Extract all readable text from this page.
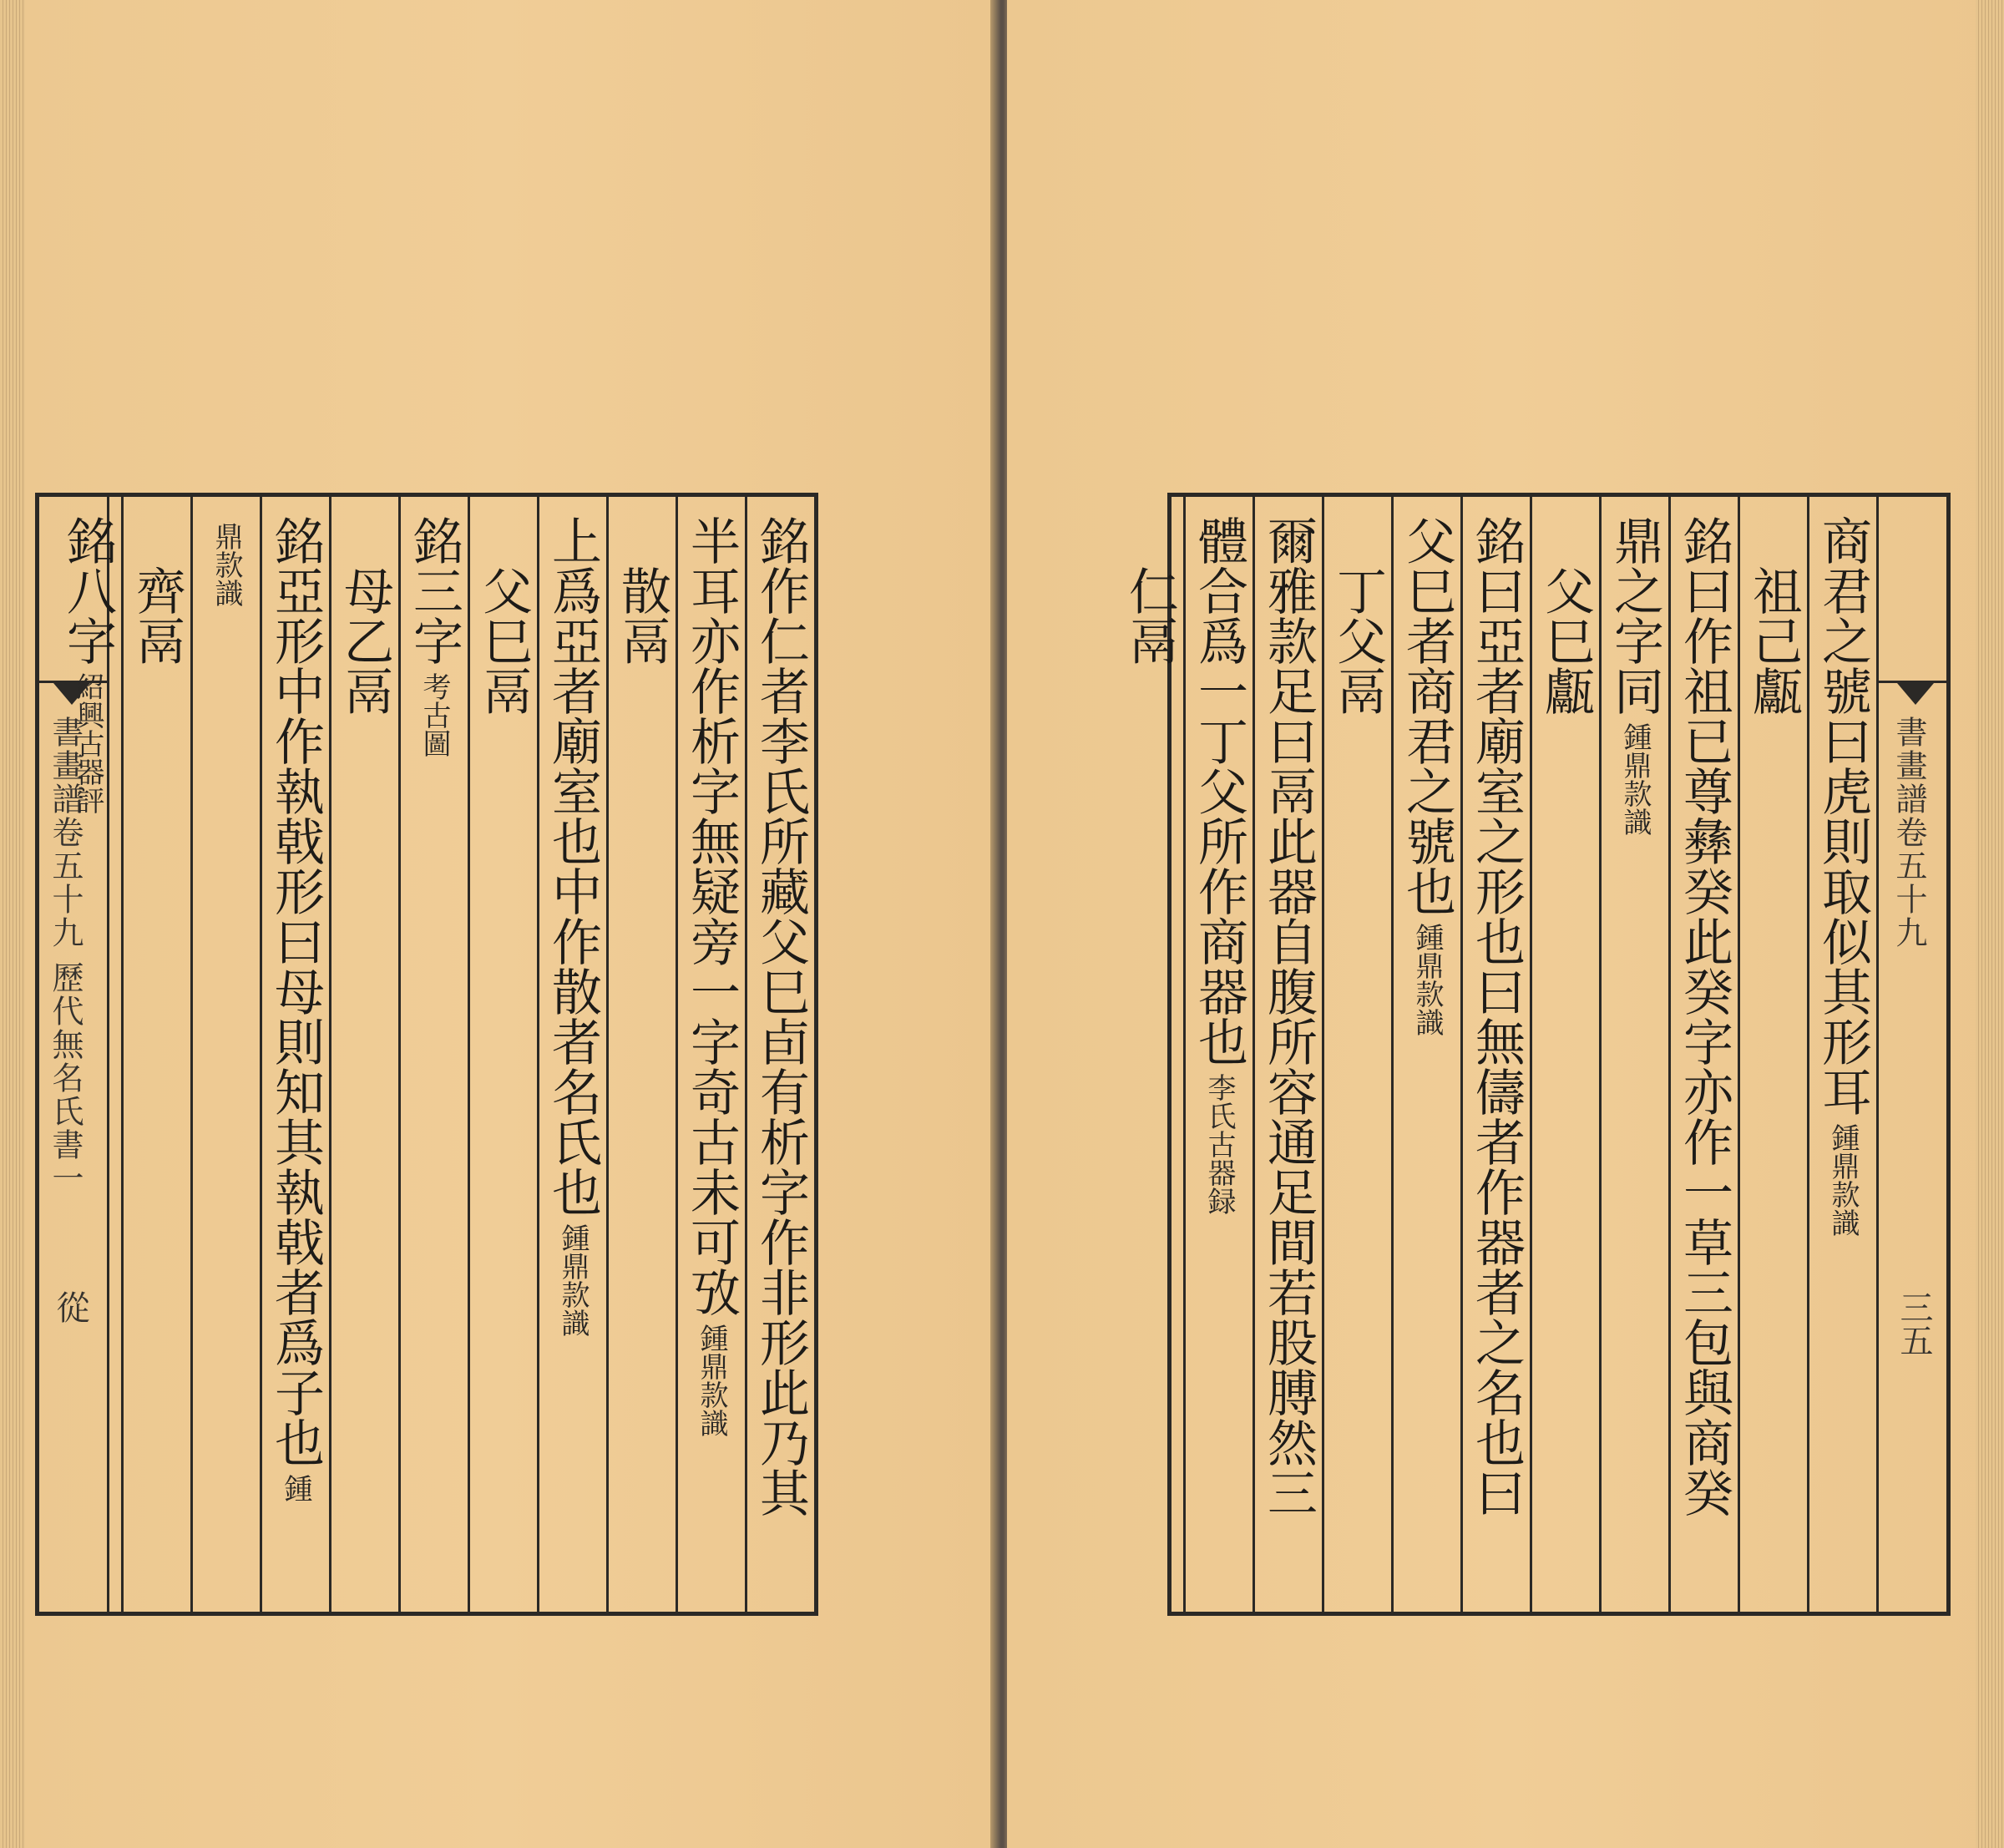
書畫譜卷五十九 歷代無名氏書一
從	銘作仁者李氏所藏父巳卣有析字作非形此乃其
半耳亦作析字無疑旁一字奇古未可攷鍾鼎款識
散鬲
上爲亞者廟室也中作散者名氏也鍾鼎款識
父巳鬲
銘三字考古圖
母乙鬲
銘亞形中作執戟形曰母則知其執戟者爲子也鍾
鼎款識
齊鬲
銘八字紹興古器評	書畫譜卷五十九
三五
商君之號曰虎則取似其形耳鍾鼎款識
祖己甗
銘曰作祖已尊彝癸此癸字亦作一草三包與商癸
鼎之字同鍾鼎款識
父巳甗
銘曰亞者廟室之形也曰無儔者作器者之名也曰
父巳者商君之號也鍾鼎款識
丁父鬲
爾雅款足曰鬲此器自腹所容通足間若股膊然三
體合爲一丁父所作商器也李氏古器録
仁鬲
